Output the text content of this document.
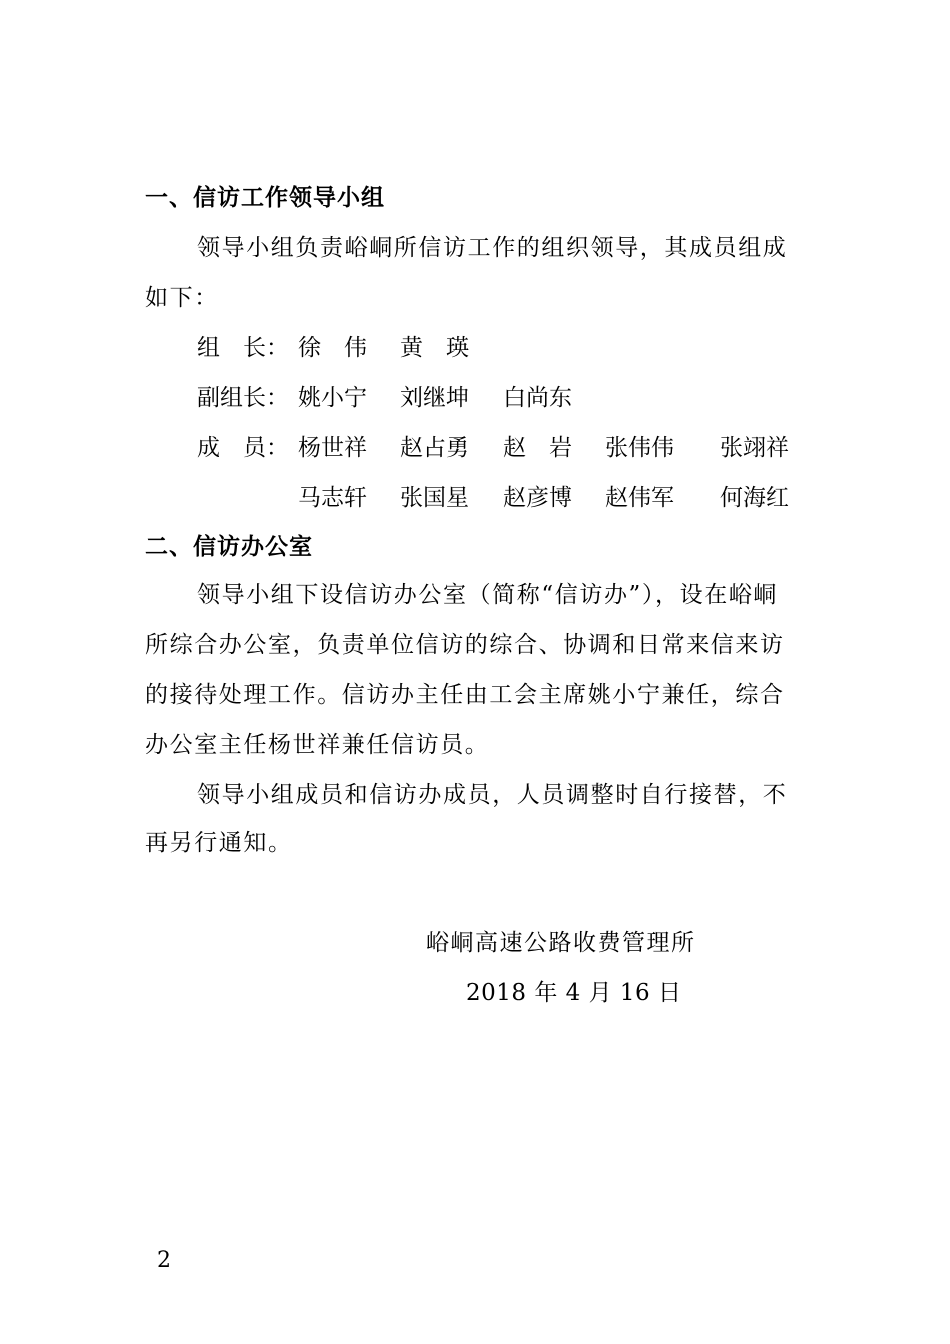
一、信访工作领导小组
领导小组负责峪峒所信访工作的组织领导，其成员组成
如下：
组　长： 徐　伟 黄　瑛
副组长： 姚小宁 刘继坤 白尚东
成　员： 杨世祥 赵占勇 赵　岩 张伟伟 张翊祥
马志轩 张国星 赵彦博 赵伟军 何海红
二、信访办公室
领导小组下设信访办公室（简称“信访办”），设在峪峒
所综合办公室，负责单位信访的综合、协调和日常来信来访
的接待处理工作。信访办主任由工会主席姚小宁兼任，综合
办公室主任杨世祥兼任信访员。
领导小组成员和信访办成员，人员调整时自行接替，不
再另行通知。
峪峒高速公路收费管理所
2018 年 4 月 16 日
2
